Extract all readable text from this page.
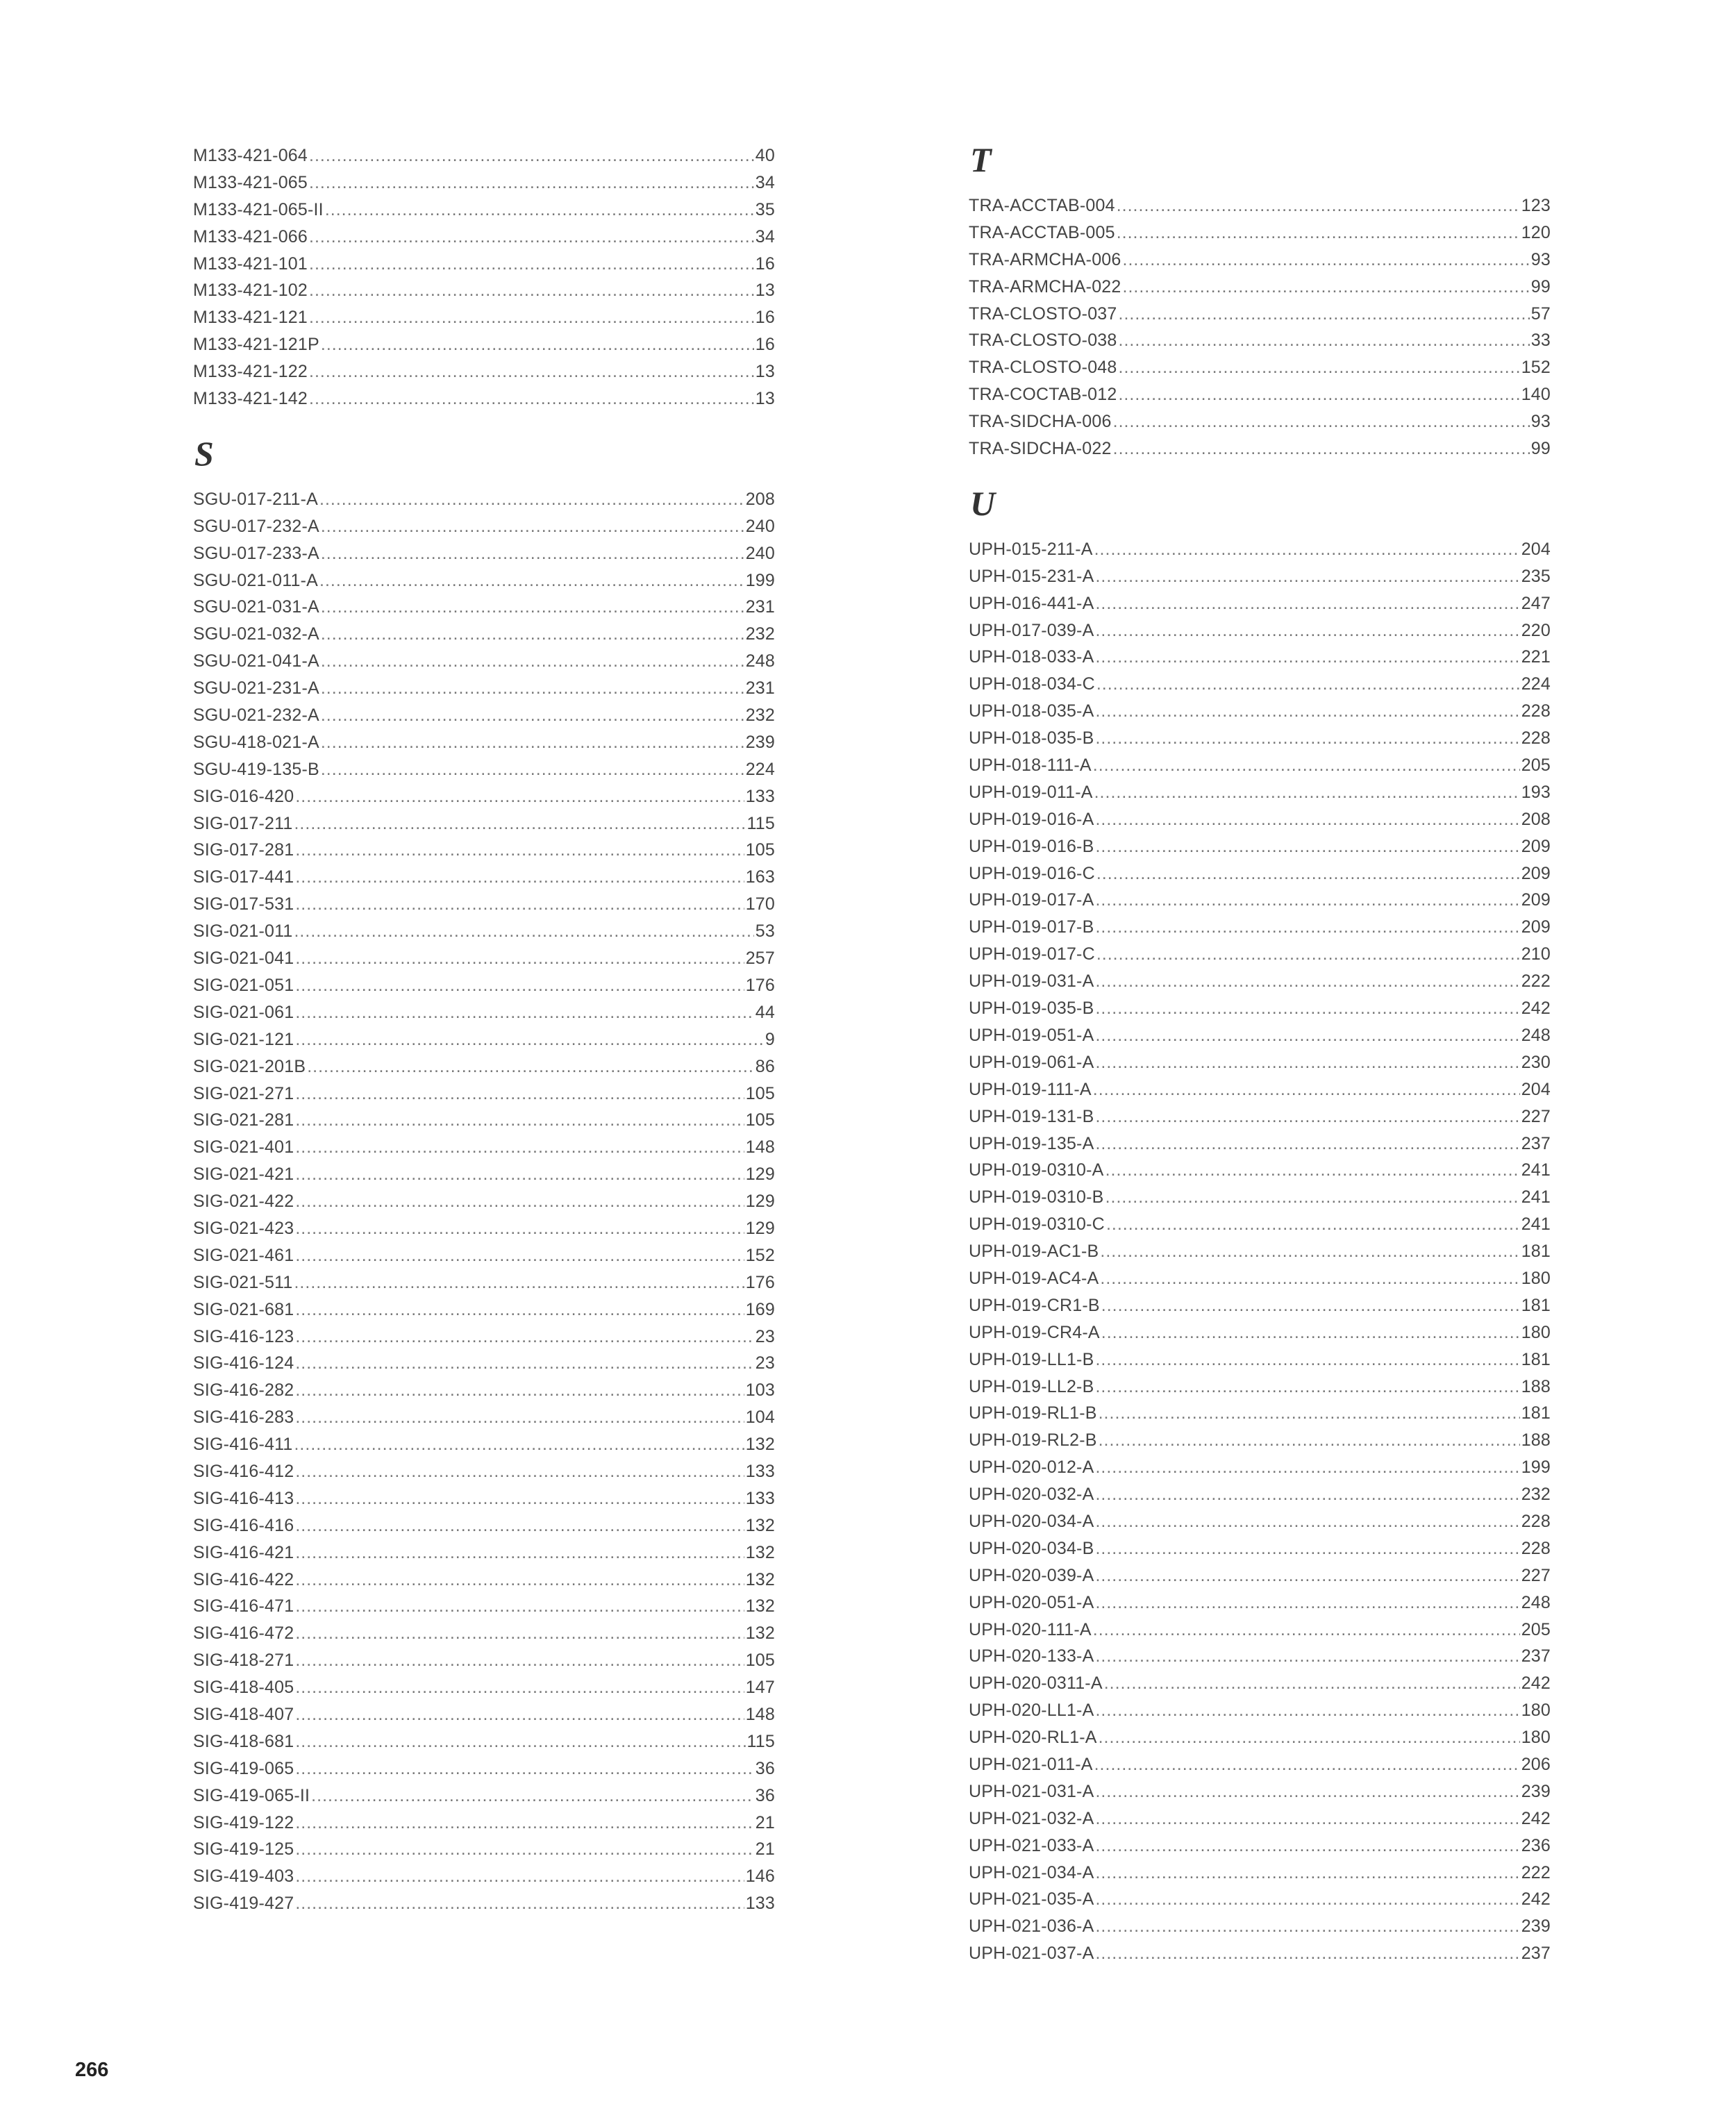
M133-421-064 .....	40
M133-421-065 .....	34
M133-421-065-II .....	35
M133-421-066 .....	34
M133-421-101 .....	16
M133-421-102 .....	13
M133-421-121 .....	16
M133-421-121P .....	16
M133-421-122 .....	13
M133-421-142 .....	13
S
SGU-017-211-A .....	208
SGU-017-232-A .....	240
SGU-017-233-A .....	240
SGU-021-011-A .....	199
SGU-021-031-A .....	231
SGU-021-032-A .....	232
SGU-021-041-A .....	248
SGU-021-231-A .....	231
SGU-021-232-A .....	232
SGU-418-021-A .....	239
SGU-419-135-B .....	224
SIG-016-420 .....	133
SIG-017-211 .....	115
SIG-017-281 .....	105
SIG-017-441 .....	163
SIG-017-531 .....	170
SIG-021-011 .....	53
SIG-021-041 .....	257
SIG-021-051 .....	176
SIG-021-061 .....	44
SIG-021-121 .....	9
SIG-021-201B .....	86
SIG-021-271 .....	105
SIG-021-281 .....	105
SIG-021-401 .....	148
SIG-021-421 .....	129
SIG-021-422 .....	129
SIG-021-423 .....	129
SIG-021-461 .....	152
SIG-021-511 .....	176
SIG-021-681 .....	169
SIG-416-123 .....	23
SIG-416-124 .....	23
SIG-416-282 .....	103
SIG-416-283 .....	104
SIG-416-411 .....	132
SIG-416-412 .....	133
SIG-416-413 .....	133
SIG-416-416 .....	132
SIG-416-421 .....	132
SIG-416-422 .....	132
SIG-416-471 .....	132
SIG-416-472 .....	132
SIG-418-271 .....	105
SIG-418-405 .....	147
SIG-418-407 .....	148
SIG-418-681 .....	115
SIG-419-065 .....	36
SIG-419-065-II .....	36
SIG-419-122 .....	21
SIG-419-125 .....	21
SIG-419-403 .....	146
SIG-419-427 .....	133
T
TRA-ACCTAB-004 .....	123
TRA-ACCTAB-005 .....	120
TRA-ARMCHA-006 .....	93
TRA-ARMCHA-022 .....	99
TRA-CLOSTO-037 .....	57
TRA-CLOSTO-038 .....	33
TRA-CLOSTO-048 .....	152
TRA-COCTAB-012 .....	140
TRA-SIDCHA-006 .....	93
TRA-SIDCHA-022 .....	99
U
UPH-015-211-A .....	204
UPH-015-231-A .....	235
UPH-016-441-A .....	247
UPH-017-039-A .....	220
UPH-018-033-A .....	221
UPH-018-034-C .....	224
UPH-018-035-A .....	228
UPH-018-035-B .....	228
UPH-018-111-A .....	205
UPH-019-011-A .....	193
UPH-019-016-A .....	208
UPH-019-016-B .....	209
UPH-019-016-C .....	209
UPH-019-017-A .....	209
UPH-019-017-B .....	209
UPH-019-017-C .....	210
UPH-019-031-A .....	222
UPH-019-035-B .....	242
UPH-019-051-A .....	248
UPH-019-061-A .....	230
UPH-019-111-A .....	204
UPH-019-131-B .....	227
UPH-019-135-A .....	237
UPH-019-0310-A .....	241
UPH-019-0310-B .....	241
UPH-019-0310-C .....	241
UPH-019-AC1-B .....	181
UPH-019-AC4-A .....	180
UPH-019-CR1-B .....	181
UPH-019-CR4-A .....	180
UPH-019-LL1-B .....	181
UPH-019-LL2-B .....	188
UPH-019-RL1-B .....	181
UPH-019-RL2-B .....	188
UPH-020-012-A .....	199
UPH-020-032-A .....	232
UPH-020-034-A .....	228
UPH-020-034-B .....	228
UPH-020-039-A .....	227
UPH-020-051-A .....	248
UPH-020-111-A .....	205
UPH-020-133-A .....	237
UPH-020-0311-A .....	242
UPH-020-LL1-A .....	180
UPH-020-RL1-A .....	180
UPH-021-011-A .....	206
UPH-021-031-A .....	239
UPH-021-032-A .....	242
UPH-021-033-A .....	236
UPH-021-034-A .....	222
UPH-021-035-A .....	242
UPH-021-036-A .....	239
UPH-021-037-A .....	237
266
